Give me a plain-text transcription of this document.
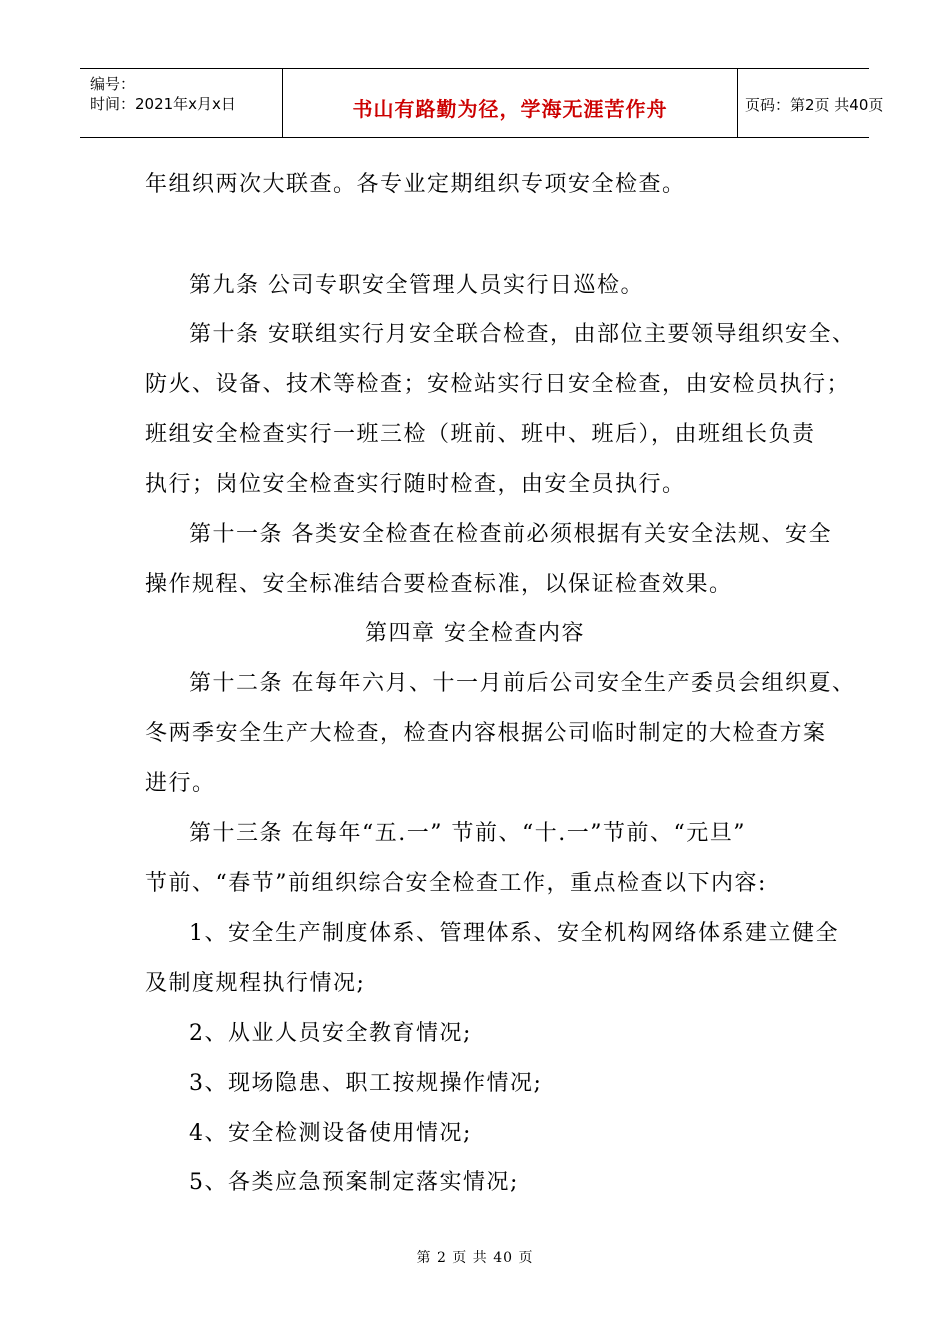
编号：
时间：2021年x月x日	书山有路勤为径，学海无涯苦作舟	页码：第2页 共40页
年组织两次大联查。各专业定期组织专项安全检查。
第九条 公司专职安全管理人员实行日巡检。
第十条 安联组实行月安全联合检查，由部位主要领导组织安全、
防火、设备、技术等检查；安检站实行日安全检查，由安检员执行；
班组安全检查实行一班三检（班前、班中、班后），由班组长负责
执行；岗位安全检查实行随时检查，由安全员执行。
第十一条 各类安全检查在检查前必须根据有关安全法规、安全
操作规程、安全标准结合要检查标准，以保证检查效果。
第四章 安全检查内容
第十二条 在每年六月、十一月前后公司安全生产委员会组织夏、
冬两季安全生产大检查，检查内容根据公司临时制定的大检查方案
进行。
第十三条 在每年“五.一” 节前、“十.一”节前、“元旦”
节前、“春节”前组织综合安全检查工作，重点检查以下内容:
1、安全生产制度体系、管理体系、安全机构网络体系建立健全
及制度规程执行情况;
2、从业人员安全教育情况;
3、现场隐患、职工按规操作情况;
4、安全检测设备使用情况;
5、各类应急预案制定落实情况;
第 2 页 共 40 页
